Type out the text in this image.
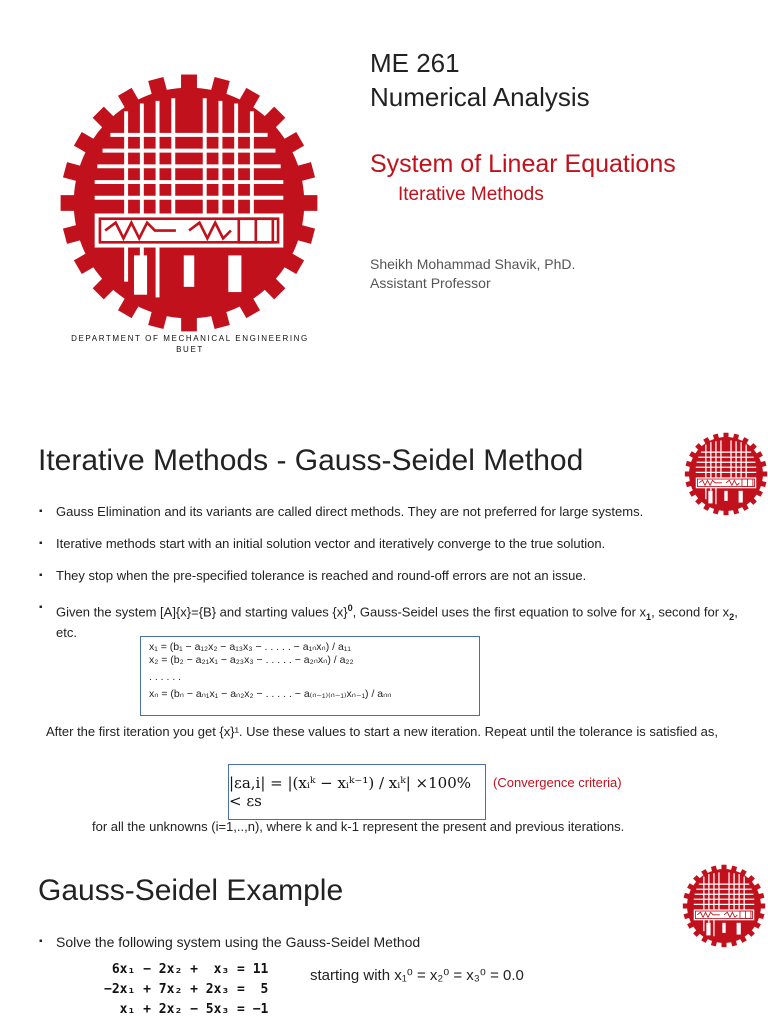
DEPARTMENT OF MECHANICAL ENGINEERING
BUET
ME 261
Numerical Analysis
System of Linear Equations
Iterative Methods
Sheikh Mohammad Shavik, PhD.
Assistant Professor
Iterative Methods - Gauss-Seidel Method
▪ Gauss Elimination and its variants are called direct methods. They are not preferred for large systems.
▪ Iterative methods start with an initial solution vector and iteratively converge to the true solution.
▪ They stop when the pre-specified tolerance is reached and round-off errors are not an issue.
▪ Given the system [A]{x}={B} and starting values $\{x\}^0$, Gauss-Seidel uses the first equation to solve for $x_1$, second for $x_2$, etc.
x₁ = (b₁ − a₁₂x₂ − a₁₃x₃ − . . . . . − a₁ₙxₙ) / a₁₁
x₂ = (b₂ − a₂₁x₁ − a₂₃x₃ − . . . . . − a₂ₙxₙ) / a₂₂
. . . . . .
xₙ = (bₙ − aₙ₁x₁ − aₙ₂x₂ − . . . . . − a₍ₙ₋₁₎₍ₙ₋₁₎xₙ₋₁) / aₙₙ
After the first iteration you get {x}¹. Use these values to start a new iteration. Repeat until the tolerance is satisfied as,
|εa,i| = |(xᵢᵏ − xᵢᵏ⁻¹) / xᵢᵏ| ×100% < εs
(Convergence criteria)
for all the unknowns (i=1,..,n), where k and k-1 represent the present and previous iterations.
Gauss-Seidel Example
▪ Solve the following system using the Gauss-Seidel Method
6x₁ − 2x₂ +  x₃ = 11
−2x₁ + 7x₂ + 2x₃ =  5
x₁ + 2x₂ − 5x₃ = −1
starting with x₁⁰ = x₂⁰ = x₃⁰ = 0.0
